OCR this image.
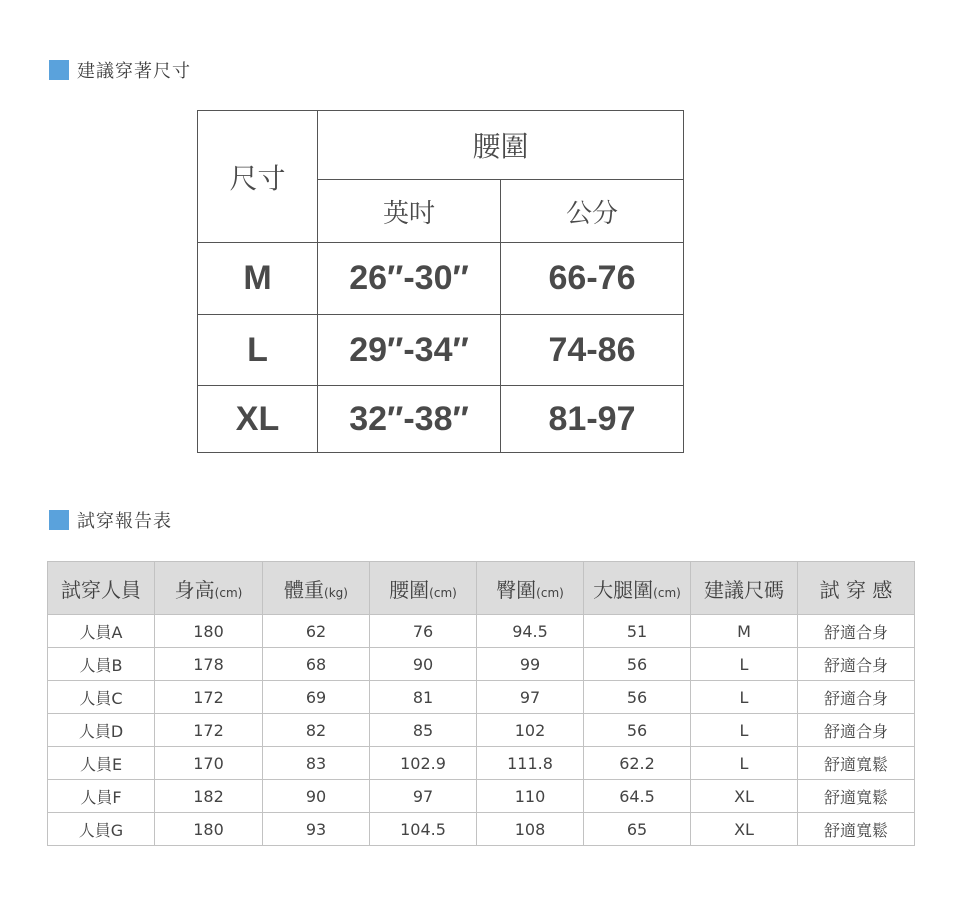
建議穿著尺寸
尺寸	腰圍	
	英吋	公分
M	26″-30″	66-76
L	29″-34″	74-86
XL	32″-38″	81-97
試穿報告表
試穿人員	身高(cm)	體重(kg)	腰圍(cm)	臀圍(cm)	大腿圍(cm)	建議尺碼	試 穿 感
人員A	180	62	76	94.5	51	M	舒適合身
人員B	178	68	90	99	56	L	舒適合身
人員C	172	69	81	97	56	L	舒適合身
人員D	172	82	85	102	56	L	舒適合身
人員E	170	83	102.9	111.8	62.2	L	舒適寬鬆
人員F	182	90	97	110	64.5	XL	舒適寬鬆
人員G	180	93	104.5	108	65	XL	舒適寬鬆
